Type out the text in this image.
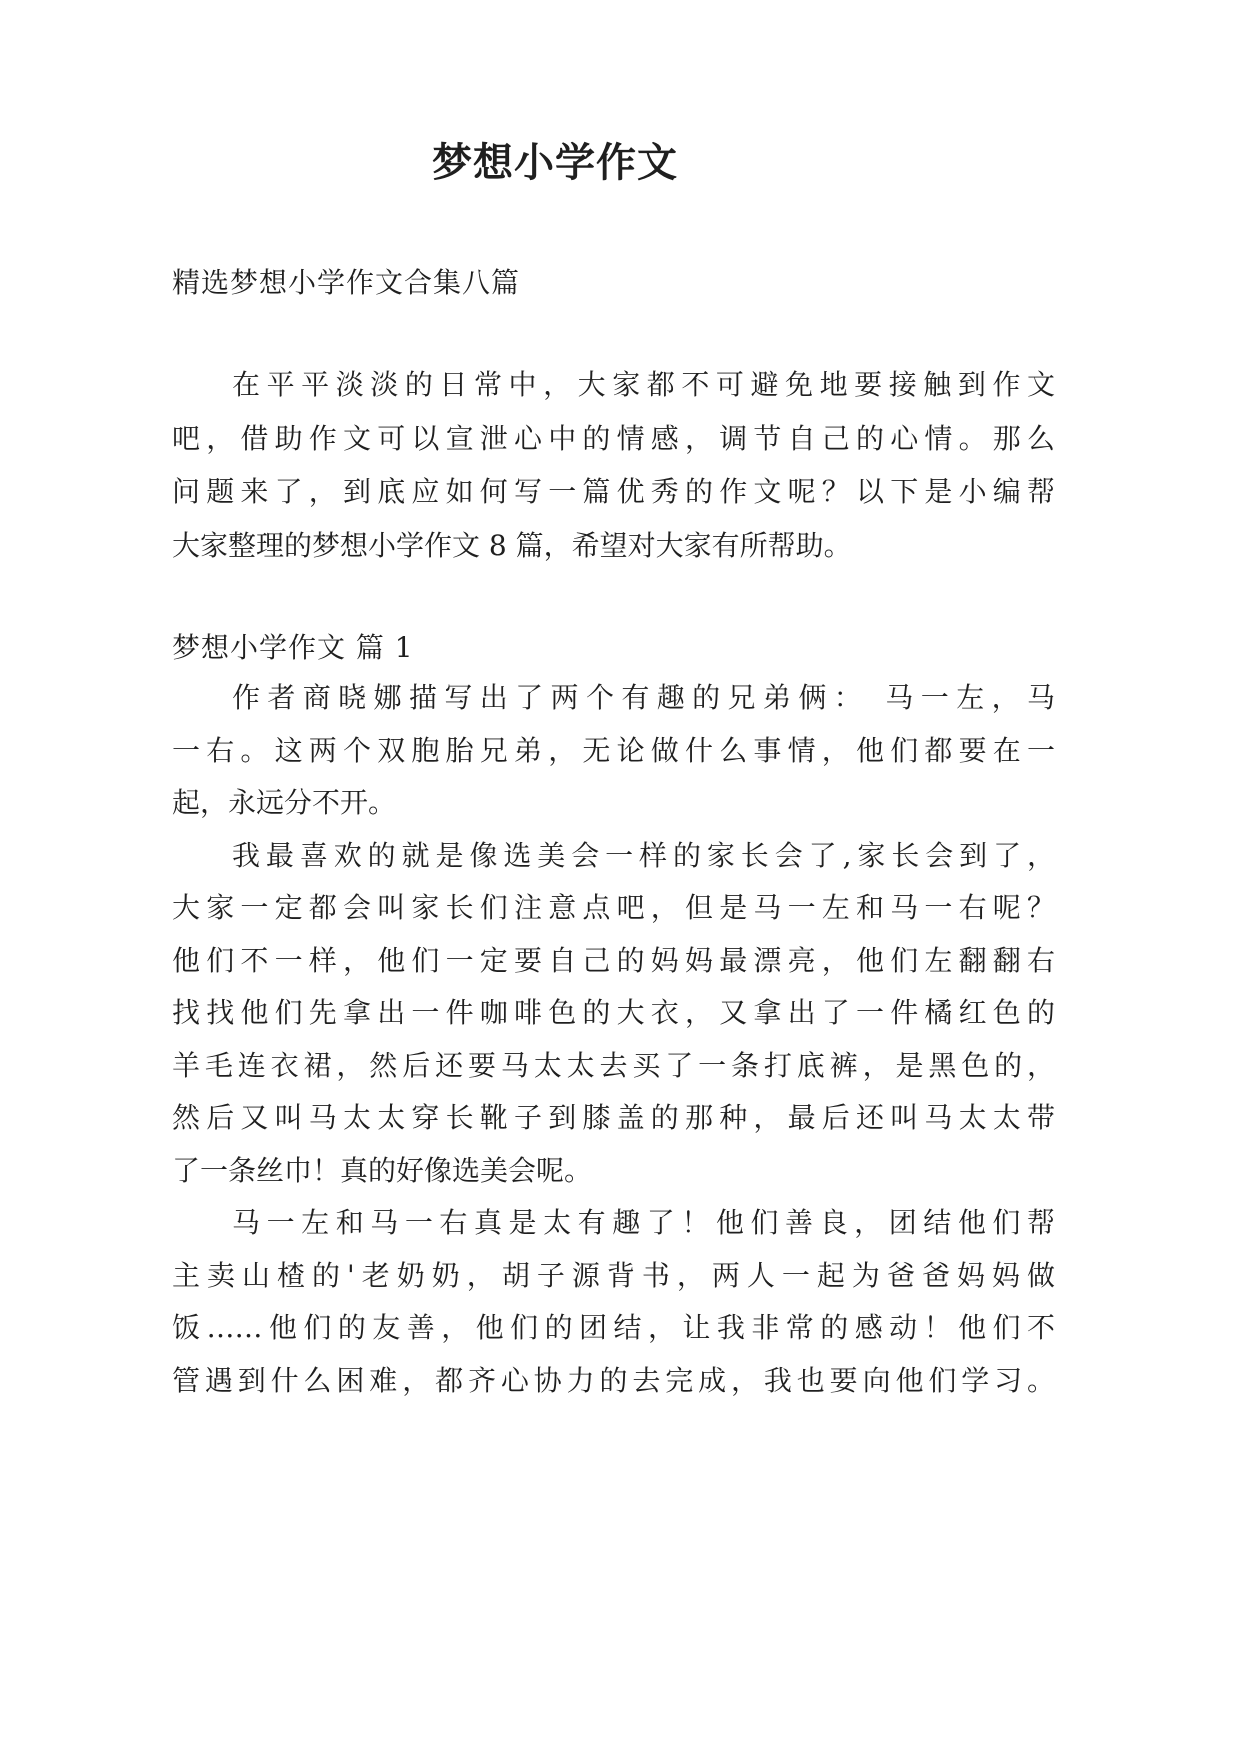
梦想小学作文
精选梦想小学作文合集八篇
在平平淡淡的日常中，大家都不可避免地要接触到作文
吧，借助作文可以宣泄心中的情感，调节自己的心情。那么
问题来了，到底应如何写一篇优秀的作文呢？以下是小编帮
大家整理的梦想小学作文 8 篇，希望对大家有所帮助。
梦想小学作文 篇 1
作者商晓娜描写出了两个有趣的兄弟俩： 马一左，马
一右。这两个双胞胎兄弟，无论做什么事情，他们都要在一
起，永远分不开。
我最喜欢的就是像选美会一样的家长会了,家长会到了，
大家一定都会叫家长们注意点吧，但是马一左和马一右呢？
他们不一样，他们一定要自己的妈妈最漂亮，他们左翻翻右
找找他们先拿出一件咖啡色的大衣，又拿出了一件橘红色的
羊毛连衣裙，然后还要马太太去买了一条打底裤，是黑色的，
然后又叫马太太穿长靴子到膝盖的那种，最后还叫马太太带
了一条丝巾！真的好像选美会呢。
马一左和马一右真是太有趣了！他们善良，团结他们帮
主卖山楂的'老奶奶，胡子源背书，两人一起为爸爸妈妈做
饭……他们的友善，他们的团结，让我非常的感动！他们不
管遇到什么困难，都齐心协力的去完成，我也要向他们学习。
